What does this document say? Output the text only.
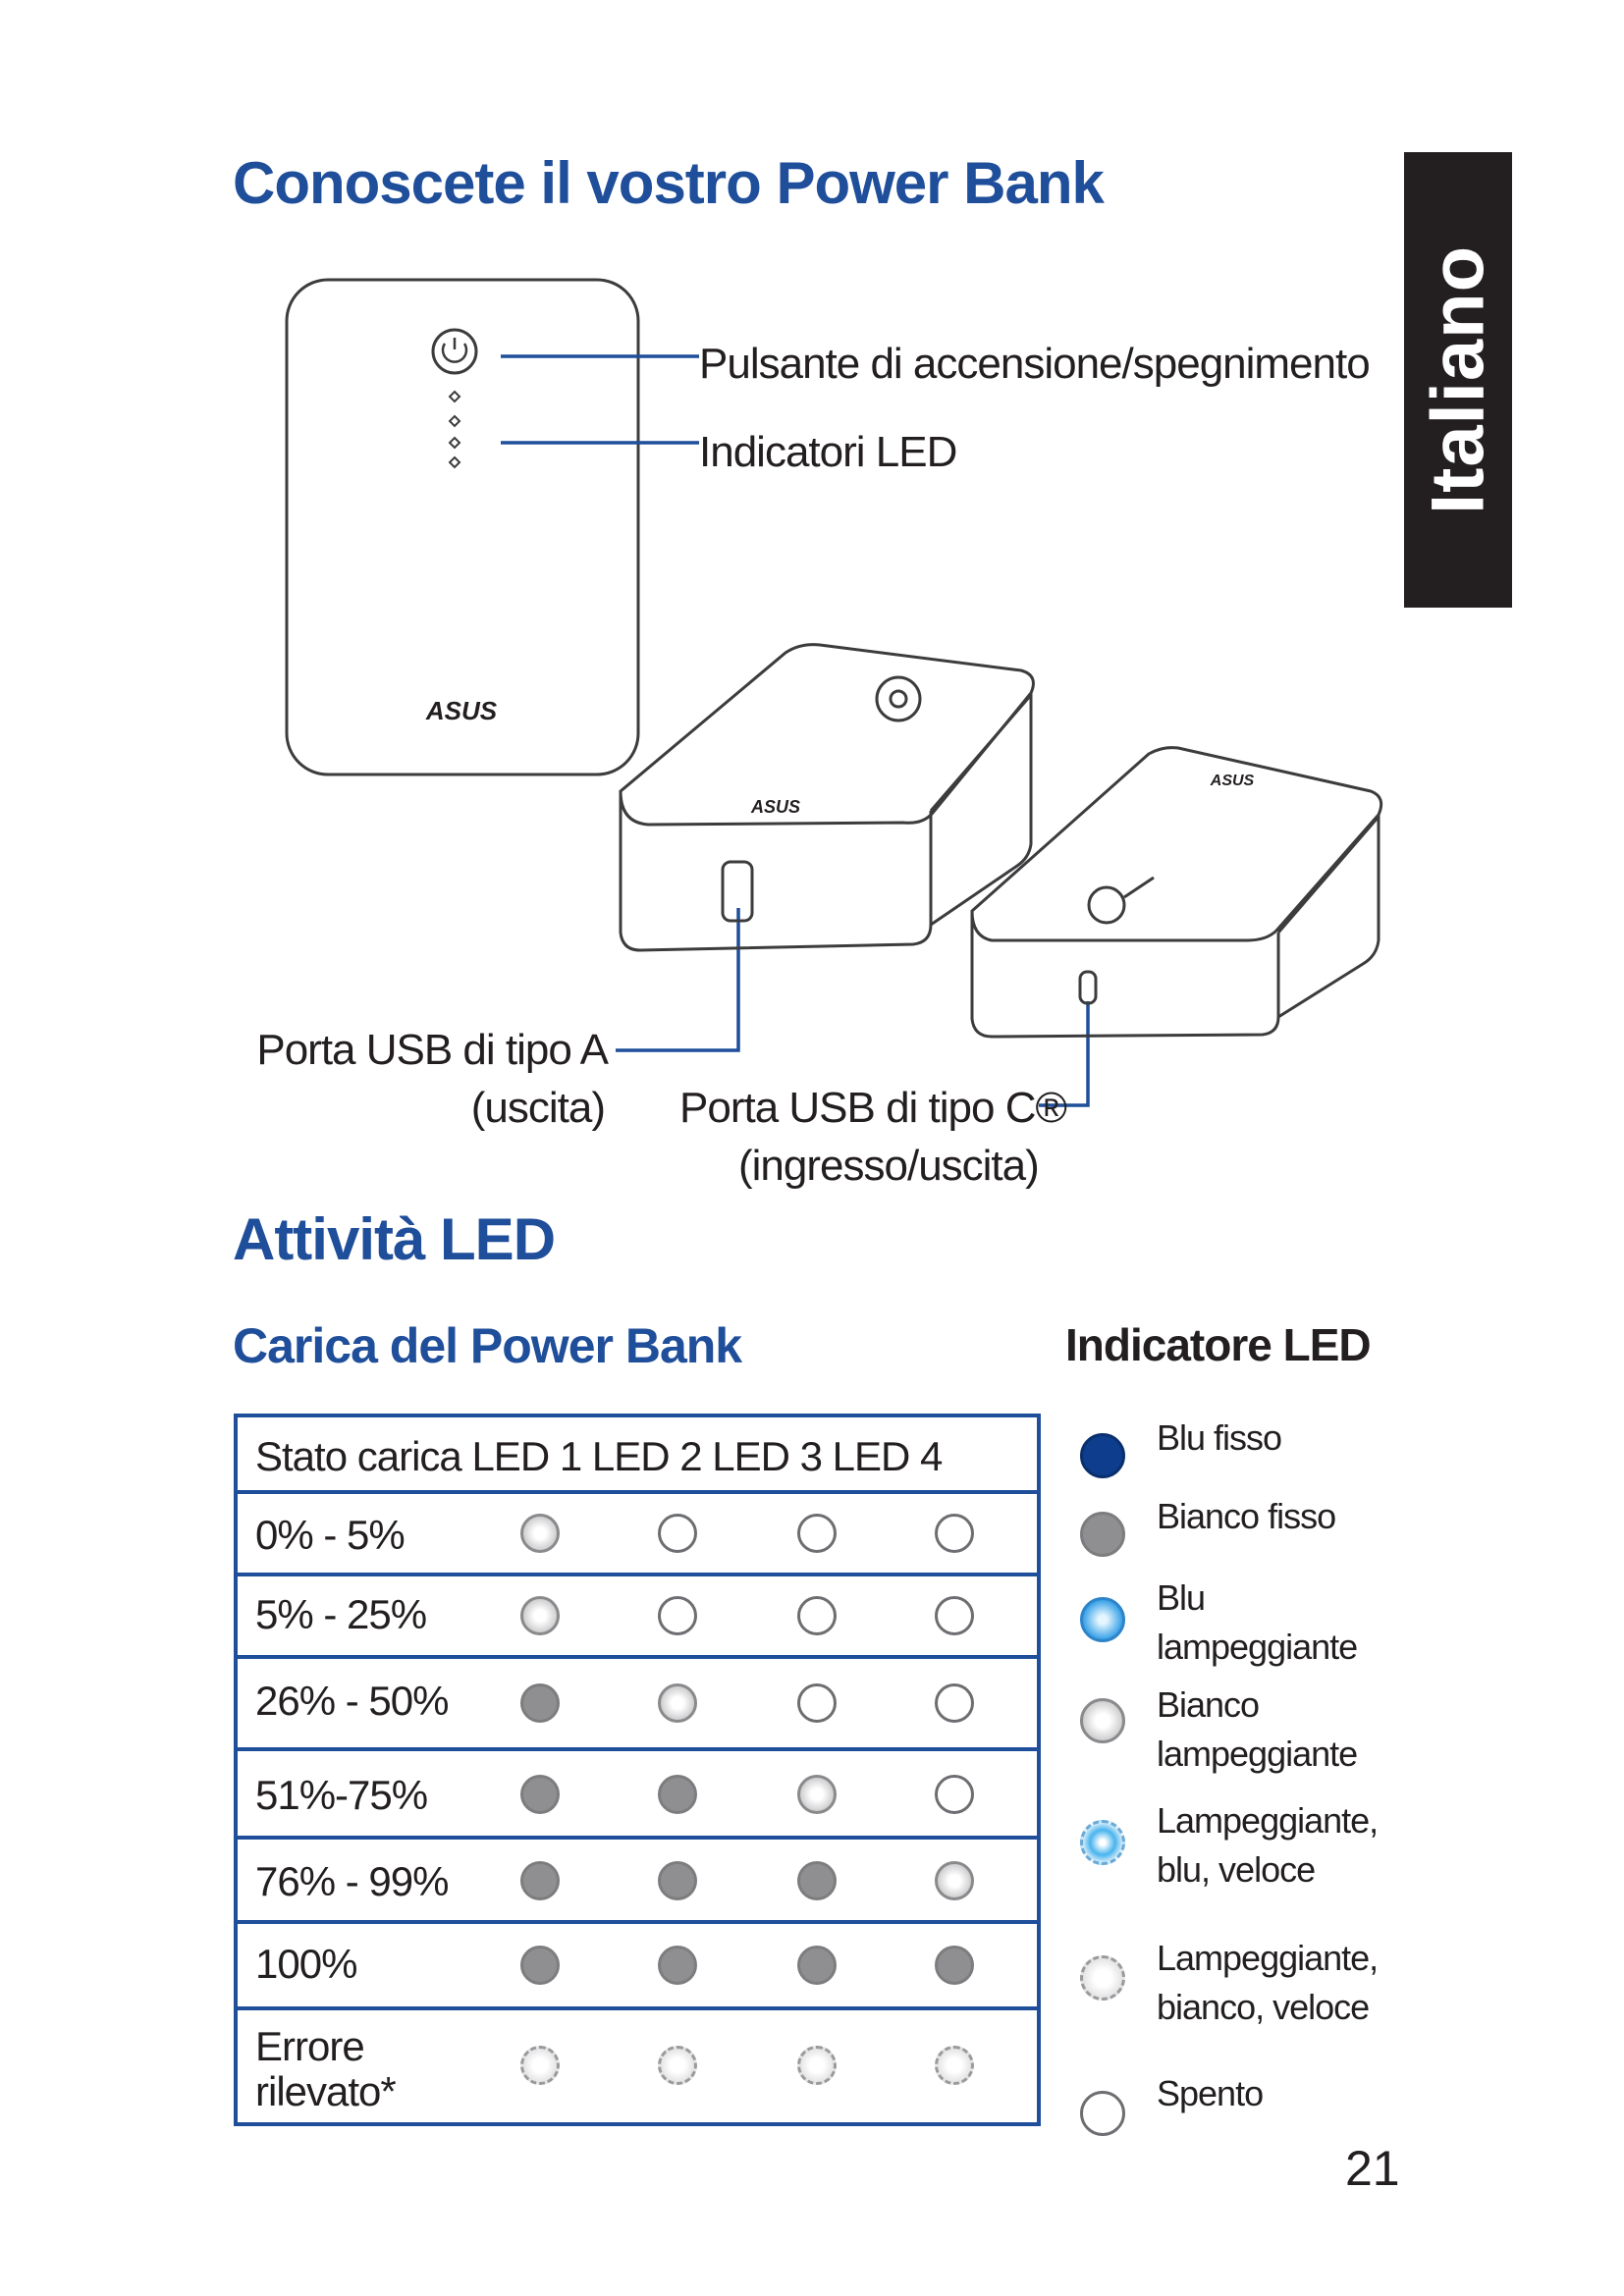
Conoscete il vostro Power Bank
Italiano
ASUS
ASUS
ASUS
Pulsante di accensione/spegnimento
Indicatori LED
Porta USB di tipo A
(uscita) Porta USB di tipo C®
(ingresso/uscita)
Attività LED
Carica del Power Bank	Indicatore LED
Stato carica LED 1 LED 2 LED 3 LED 4
0% - 5%
5% - 25%
26% - 50%
51%-75%
76% - 99%
100%
Errore
rilevato*
Blu fisso
Bianco fisso
Blu
lampeggiante
Bianco
lampeggiante
Lampeggiante,
blu, veloce
Lampeggiante,
bianco, veloce
Spento
21
